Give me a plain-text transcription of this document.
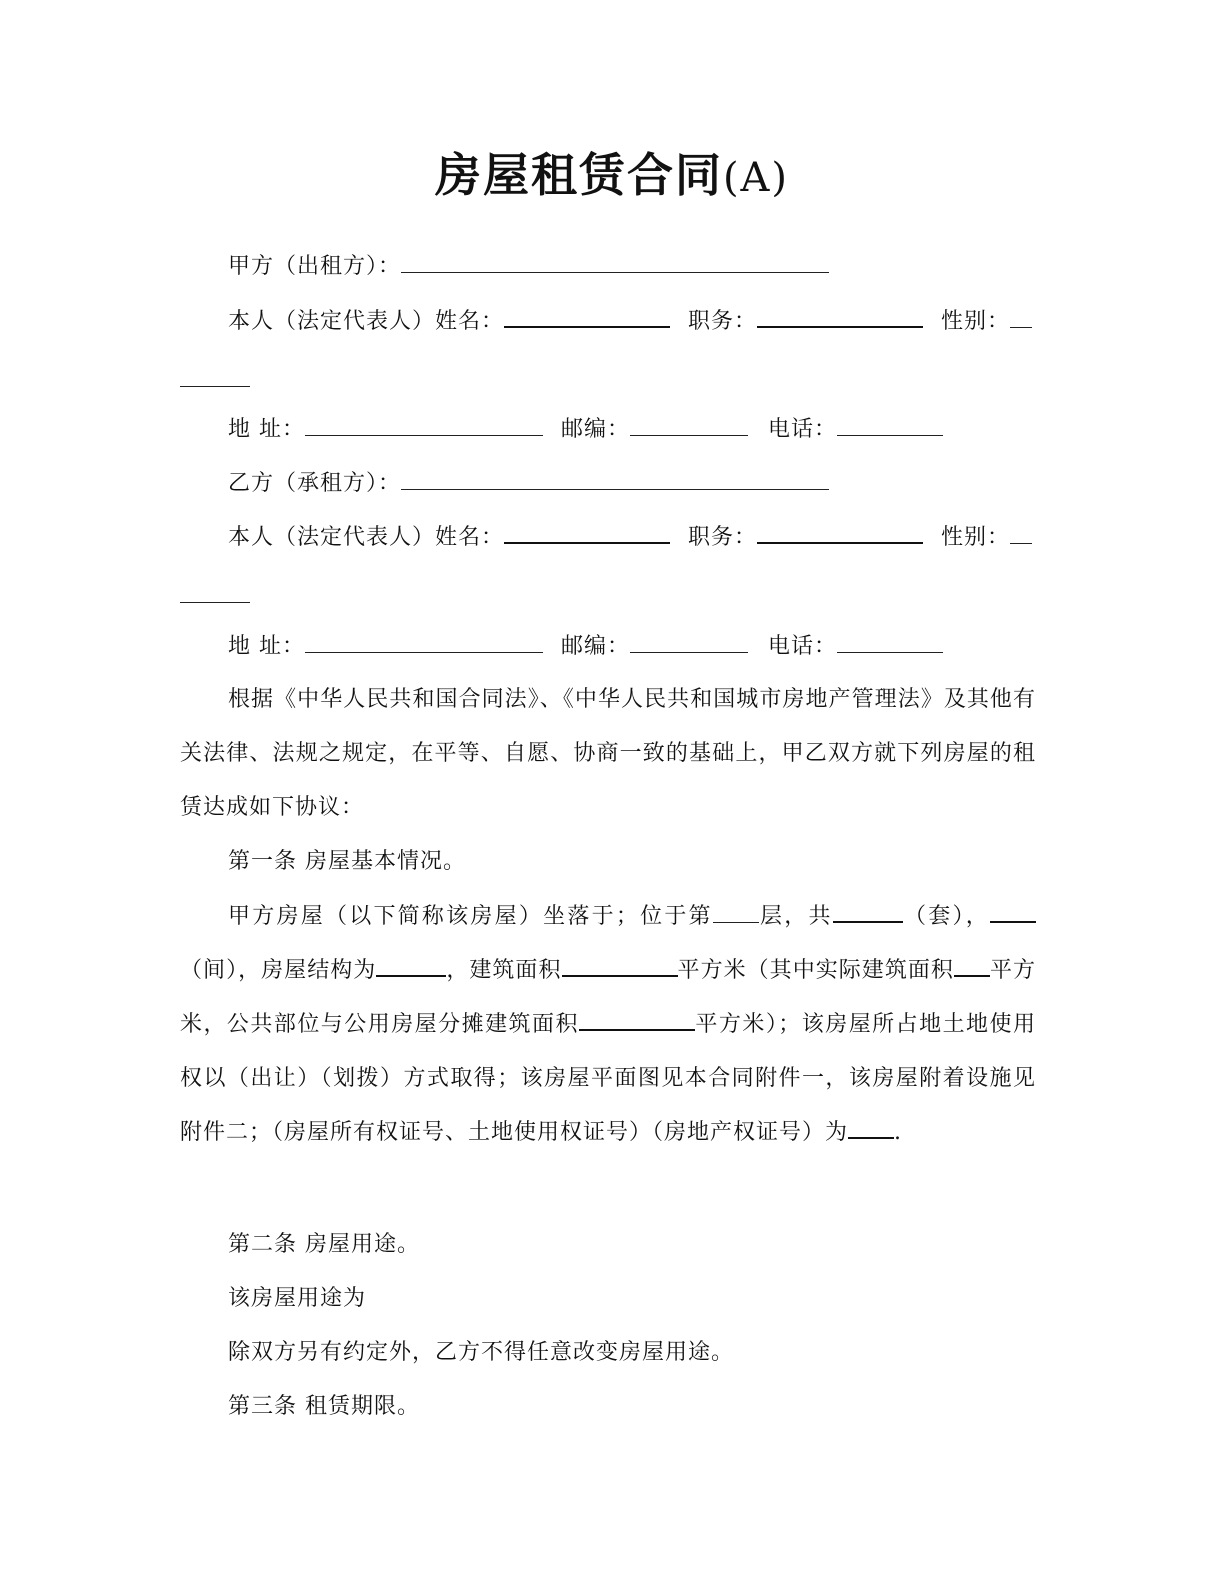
房屋租赁合同(A)
甲方（出租方）：
本人（法定代表人）姓名：	职务：	性别：
地 址：	邮编：	电话：
乙方（承租方）：
本人（法定代表人）姓名：	职务：	性别：
地 址：	邮编：	电话：
根据《中华人民共和国合同法》、《中华人民共和国城市房地产管理法》及其他有关法律、法规之规定，在平等、自愿、协商一致的基础上，甲乙双方就下列房屋的租赁达成如下协议：
第一条 房屋基本情况。
甲方房屋（以下简称该房屋）坐落于；位于第 层，共	（套），（间），房屋结构为	，建筑面积	平方米（其中实际建筑面积 平方米，公共部位与公用房屋分摊建筑面积	平方米）；该房屋所占地土地使用权以（出让）（划拨）方式取得；该房屋平面图见本合同附件一，该房屋附着设施见附件二；（房屋所有权证号、土地使用权证号）（房地产权证号）为 .
第二条 房屋用途。
该房屋用途为
除双方另有约定外，乙方不得任意改变房屋用途。
第三条 租赁期限。
